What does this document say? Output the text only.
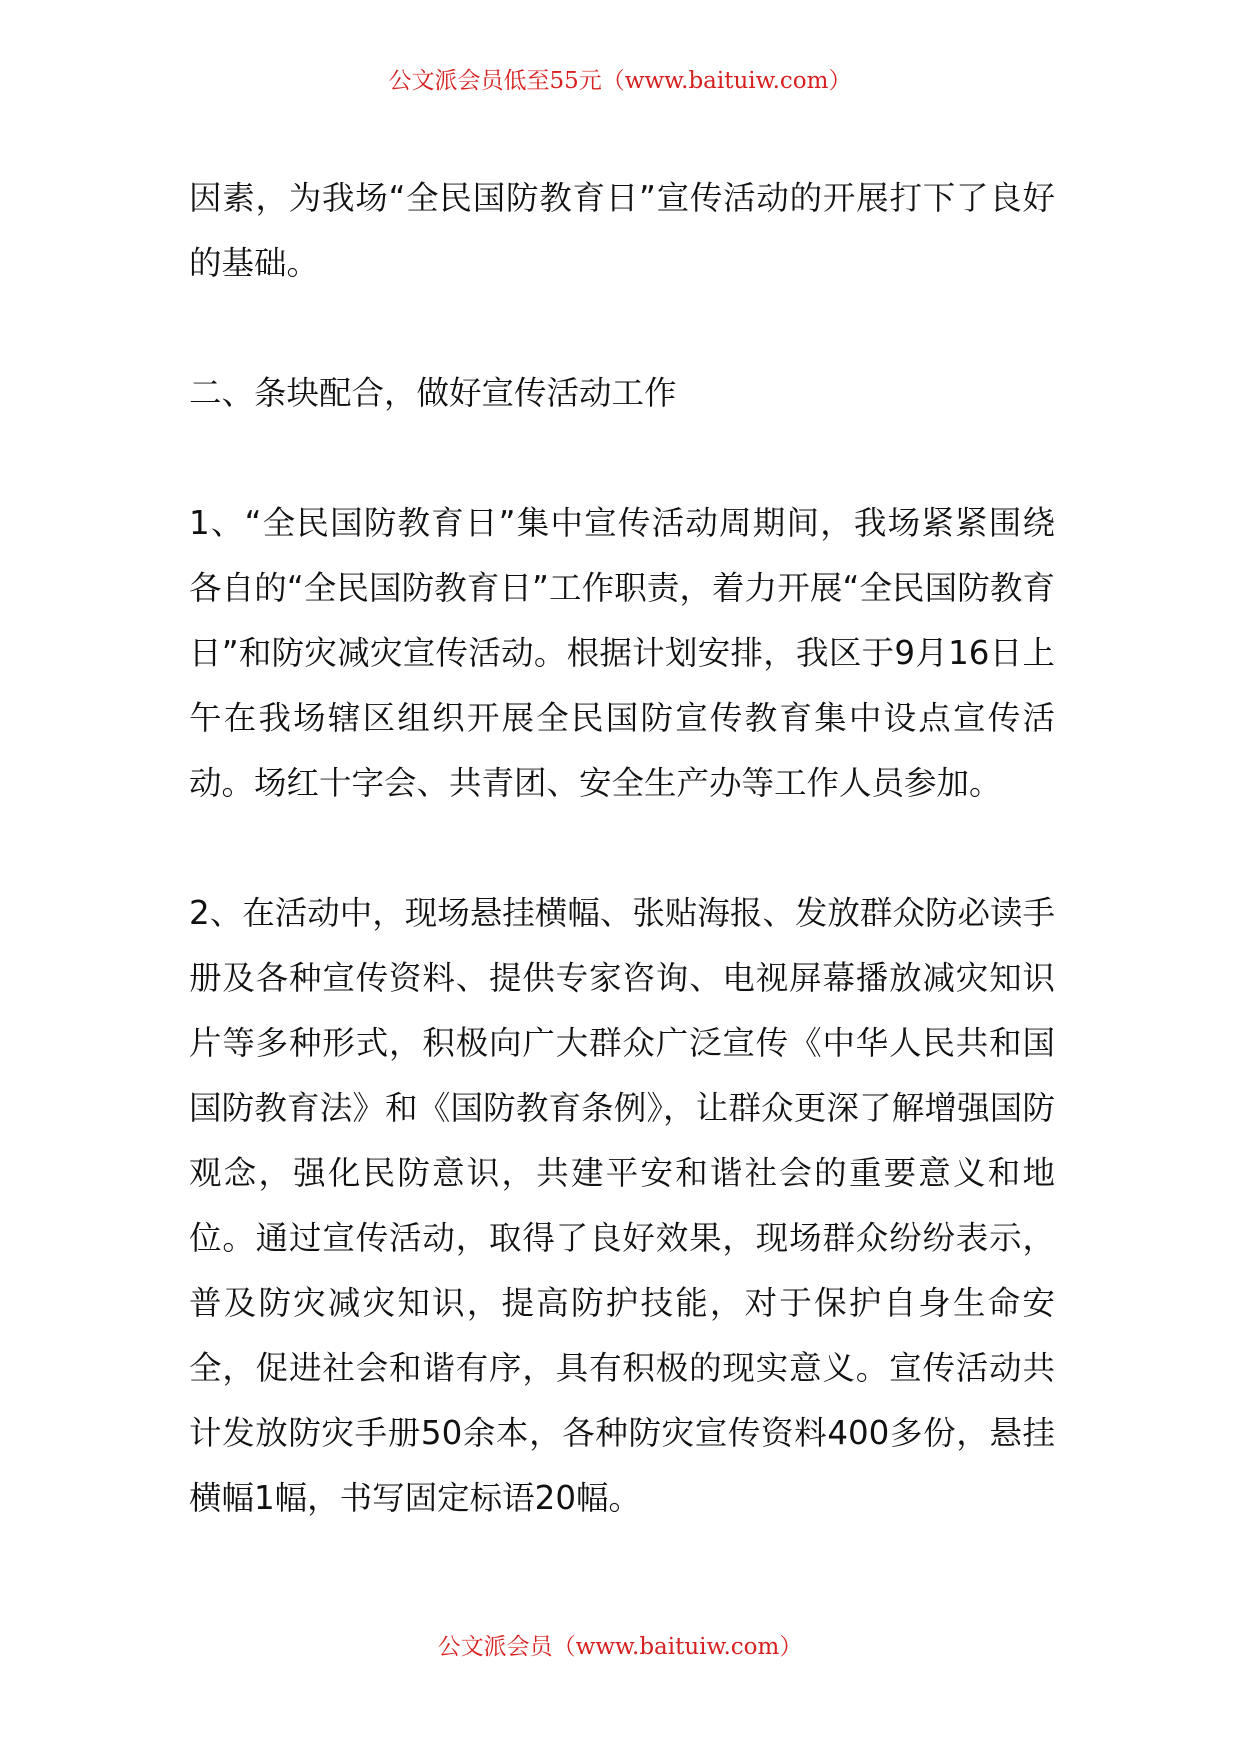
公文派会员低至55元（www.baituiw.com）

因素，为我场“全民国防教育日”宣传活动的开展打下了良好的基础。

二、条块配合，做好宣传活动工作

1、“全民国防教育日”集中宣传活动周期间，我场紧紧围绕各自的“全民国防教育日”工作职责，着力开展“全民国防教育日”和防灾减灾宣传活动。根据计划安排，我区于9月16日上午在我场辖区组织开展全民国防宣传教育集中设点宣传活动。场红十字会、共青团、安全生产办等工作人员参加。

2、在活动中，现场悬挂横幅、张贴海报、发放群众防必读手册及各种宣传资料、提供专家咨询、电视屏幕播放减灾知识片等多种形式，积极向广大群众广泛宣传《中华人民共和国国防教育法》和《国防教育条例》，让群众更深了解增强国防观念，强化民防意识，共建平安和谐社会的重要意义和地位。通过宣传活动，取得了良好效果，现场群众纷纷表示，普及防灾减灾知识，提高防护技能，对于保护自身生命安全，促进社会和谐有序，具有积极的现实意义。宣传活动共计发放防灾手册50余本，各种防灾宣传资料400多份，悬挂横幅1幅，书写固定标语20幅。

公文派会员（www.baituiw.com）
